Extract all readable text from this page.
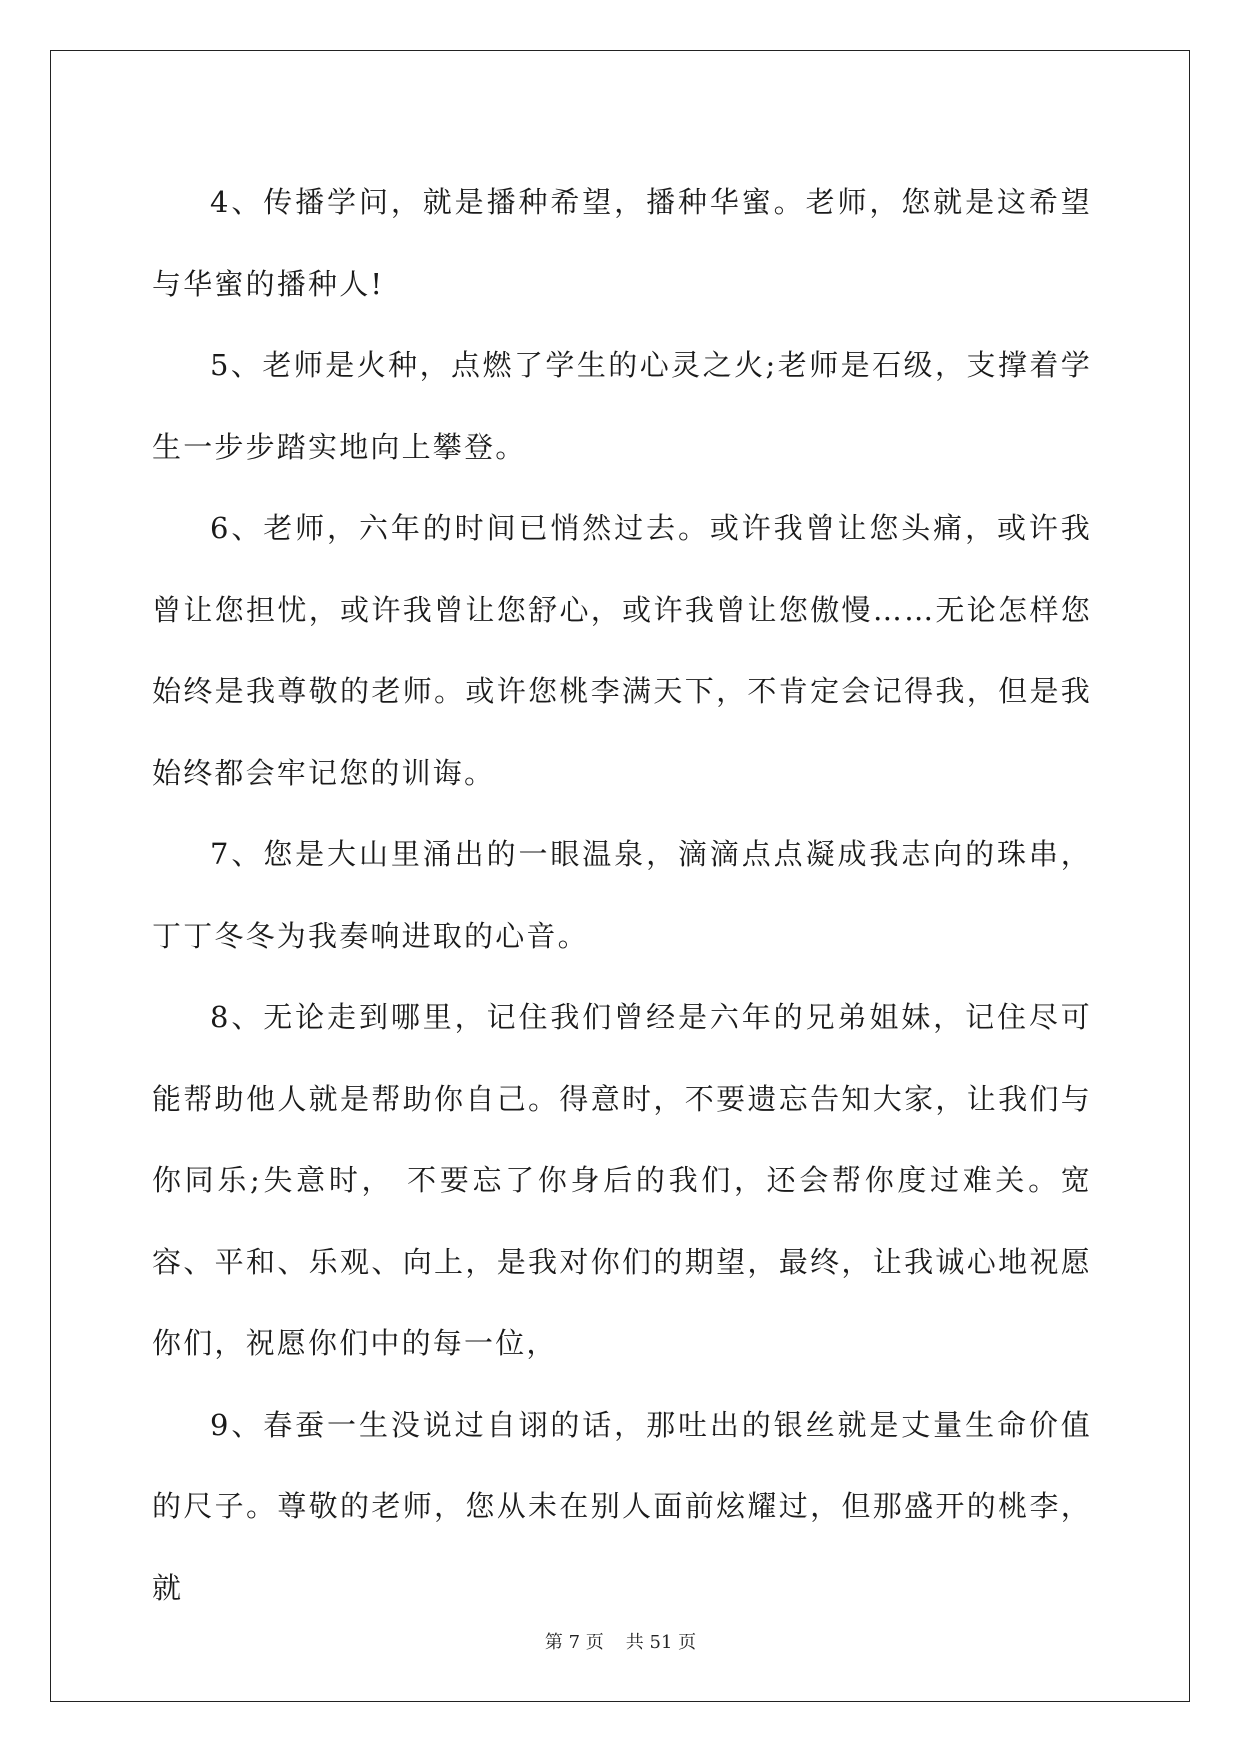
4、传播学问，就是播种希望，播种华蜜。老师，您就是这希望与华蜜的播种人!

5、老师是火种，点燃了学生的心灵之火;老师是石级，支撑着学生一步步踏实地向上攀登。

6、老师，六年的时间已悄然过去。或许我曾让您头痛，或许我曾让您担忧，或许我曾让您舒心，或许我曾让您傲慢……无论怎样您始终是我尊敬的老师。或许您桃李满天下，不肯定会记得我，但是我始终都会牢记您的训诲。

7、您是大山里涌出的一眼温泉，滴滴点点凝成我志向的珠串，丁丁冬冬为我奏响进取的心音。

8、无论走到哪里，记住我们曾经是六年的兄弟姐妹，记住尽可能帮助他人就是帮助你自己。得意时，不要遗忘告知大家，让我们与你同乐;失意时， 不要忘了你身后的我们，还会帮你度过难关。宽容、平和、乐观、向上，是我对你们的期望，最终，让我诚心地祝愿你们，祝愿你们中的每一位，

9、春蚕一生没说过自诩的话，那吐出的银丝就是丈量生命价值的尺子。尊敬的老师，您从未在别人面前炫耀过，但那盛开的桃李，就

第 7 页 共 51 页
